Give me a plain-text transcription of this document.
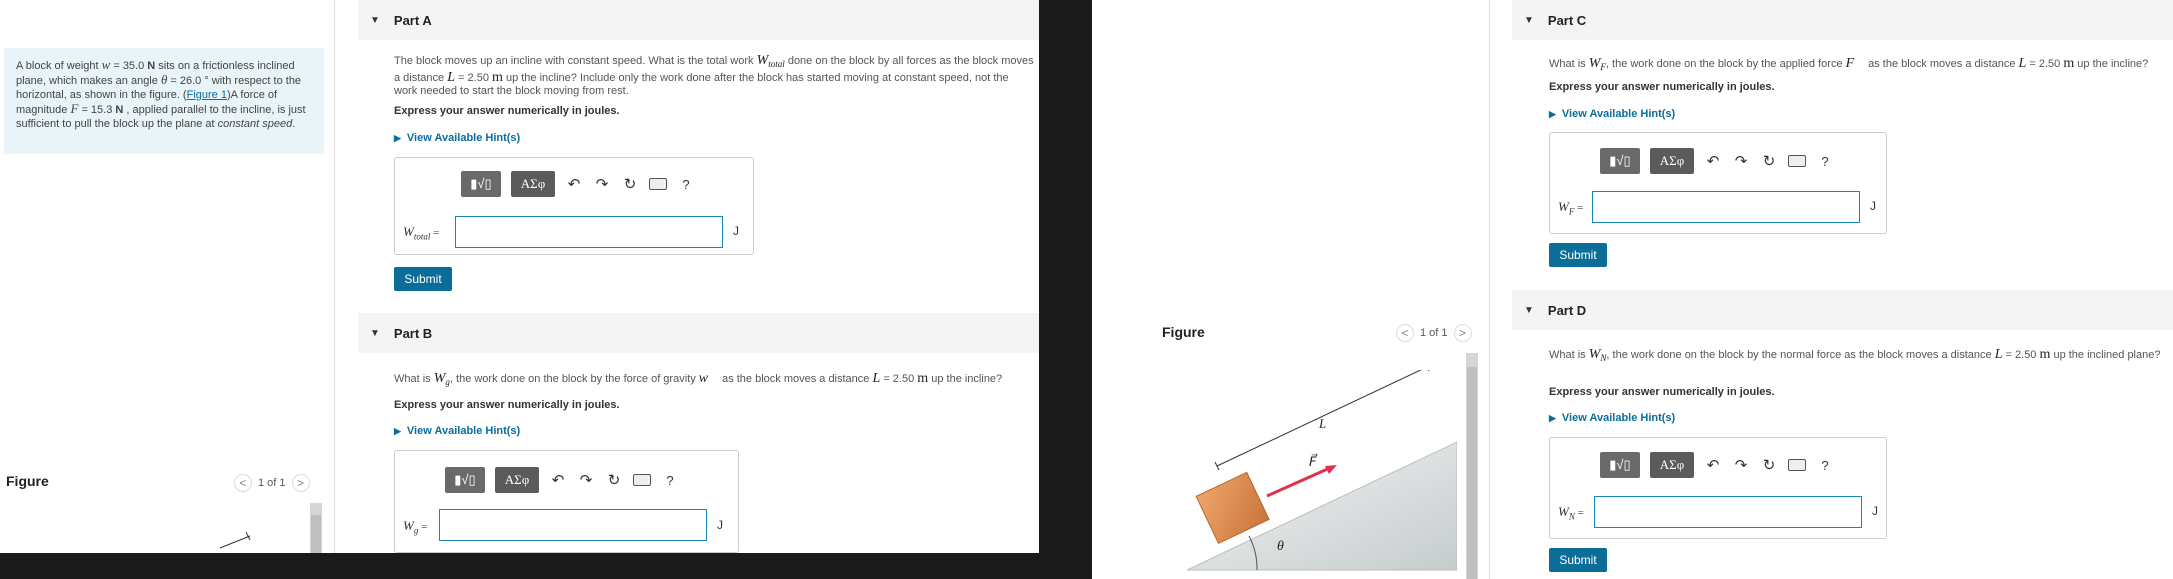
A block of weight w = 35.0 N sits on a frictionless inclined plane, which makes an angle θ = 26.0 ° with respect to the horizontal, as shown in the figure. (Figure 1)A force of magnitude F = 15.3 N , applied parallel to the incline, is just sufficient to pull the block up the plane at constant speed.
Figure	<	1 of 1 >
▼ Part A
The block moves up an incline with constant speed. What is the total work $W_{total}$ done on the block by all forces as the block moves a distance L = 2.50 m up the incline? Include only the work done after the block has started moving at constant speed, not the work needed to start the block moving from rest.
Express your answer numerically in joules.
▶ View Available Hint(s)
▮√▯	ΑΣφ	↶ ↷ ↻	?
$W_{total}$ =	J
Submit
▼ Part B
What is $W_g$, the work done on the block by the force of gravity w⃗ as the block moves a distance L = 2.50 m up the incline?
Express your answer numerically in joules.
▶ View Available Hint(s)
▮√▯	ΑΣφ	↶ ↷ ↻	?
$W_g$ =	J
Figure	<	1 of 1 >
L
F⃗
θ
▼ Part C
What is $W_F$, the work done on the block by the applied force F⃗ as the block moves a distance L = 2.50 m up the incline?
Express your answer numerically in joules.
▶ View Available Hint(s)
▮√▯	ΑΣφ	↶ ↷ ↻	?
$W_F$ =	J
Submit
▼ Part D
What is $W_N$, the work done on the block by the normal force as the block moves a distance L = 2.50 m up the inclined plane?
Express your answer numerically in joules.
▶ View Available Hint(s)
▮√▯	ΑΣφ	↶ ↷ ↻	?
$W_N$ =	J
Submit
